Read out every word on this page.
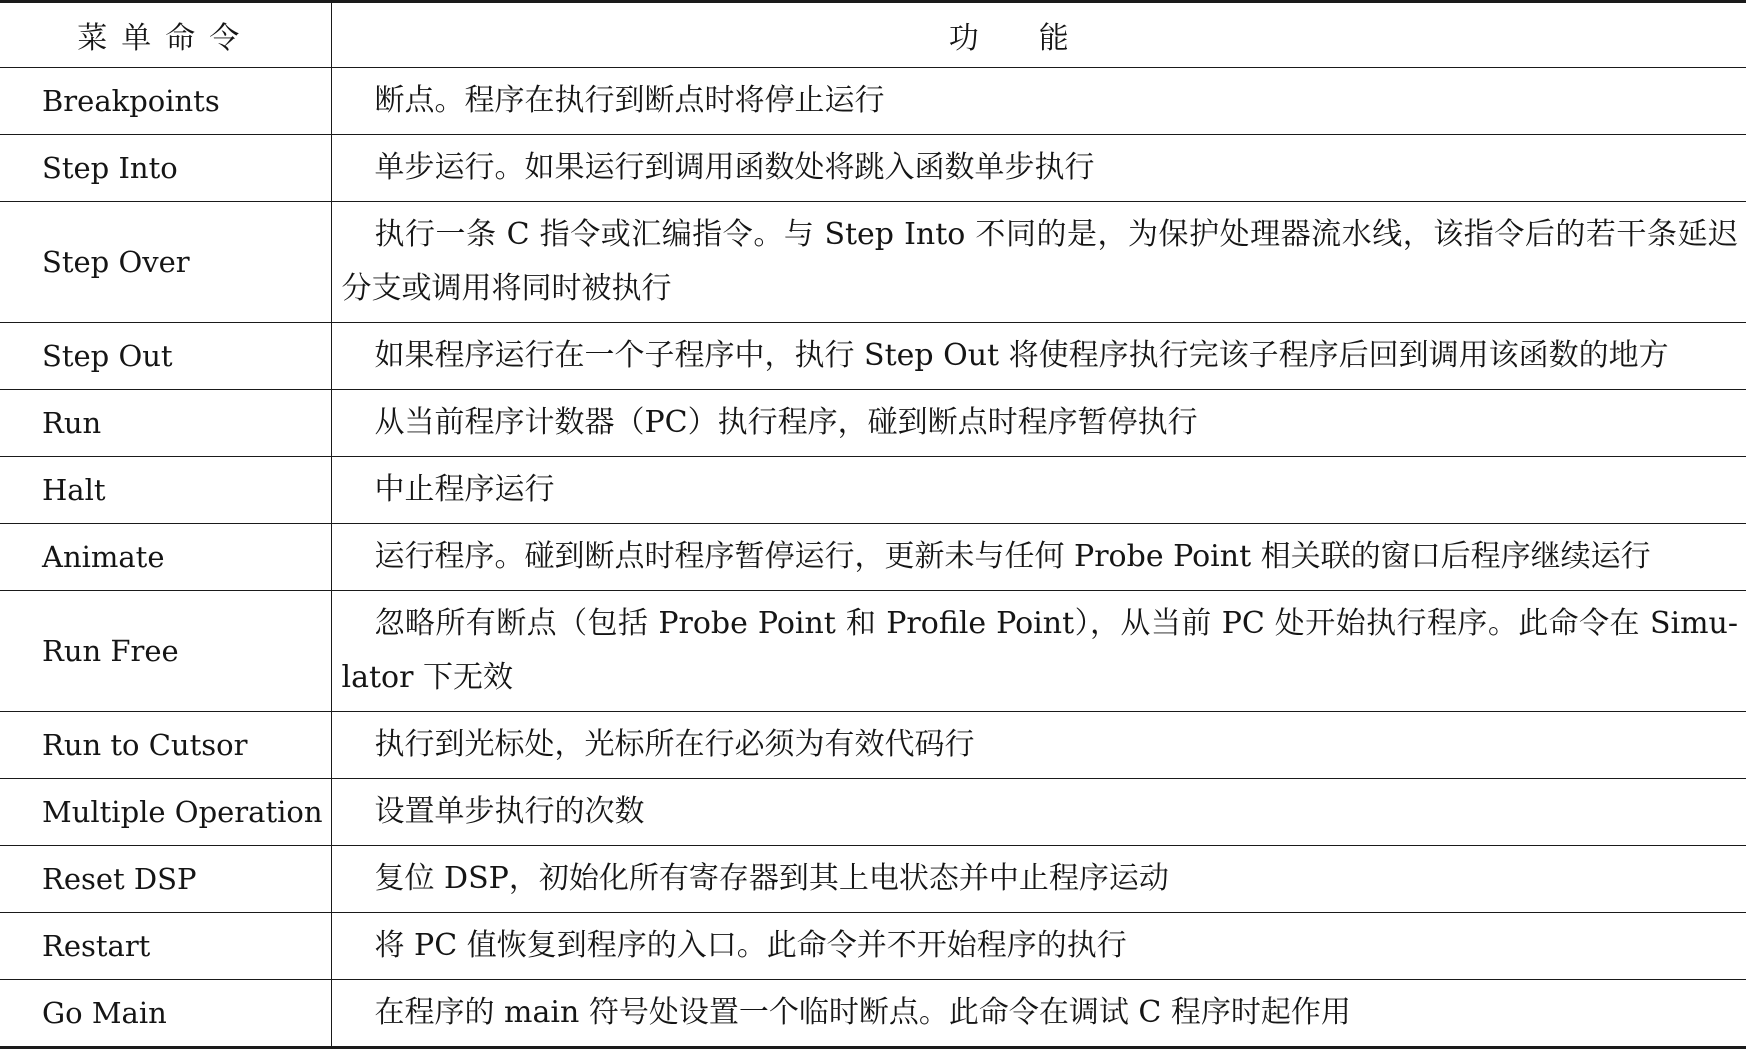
菜单命令	功能
Breakpoints	断点。程序在执行到断点时将停止运行
Step Into	单步运行。如果运行到调用函数处将跳入函数单步执行
Step Over	执行一条 C 指令或汇编指令。与 Step Into 不同的是，为保护处理器流水线，该指令后的若干条延迟分支或调用将同时被执行
Step Out	如果程序运行在一个子程序中，执行 Step Out 将使程序执行完该子程序后回到调用该函数的地方
Run	从当前程序计数器（PC）执行程序，碰到断点时程序暂停执行
Halt	中止程序运行
Animate	运行程序。碰到断点时程序暂停运行，更新未与任何 Probe Point 相关联的窗口后程序继续运行
Run Free	忽略所有断点（包括 Probe Point 和 Profile Point），从当前 PC 处开始执行程序。此命令在 Simu-lator 下无效
Run to Cutsor	执行到光标处，光标所在行必须为有效代码行
Multiple Operation	设置单步执行的次数
Reset DSP	复位 DSP，初始化所有寄存器到其上电状态并中止程序运动
Restart	将 PC 值恢复到程序的入口。此命令并不开始程序的执行
Go Main	在程序的 main 符号处设置一个临时断点。此命令在调试 C 程序时起作用
